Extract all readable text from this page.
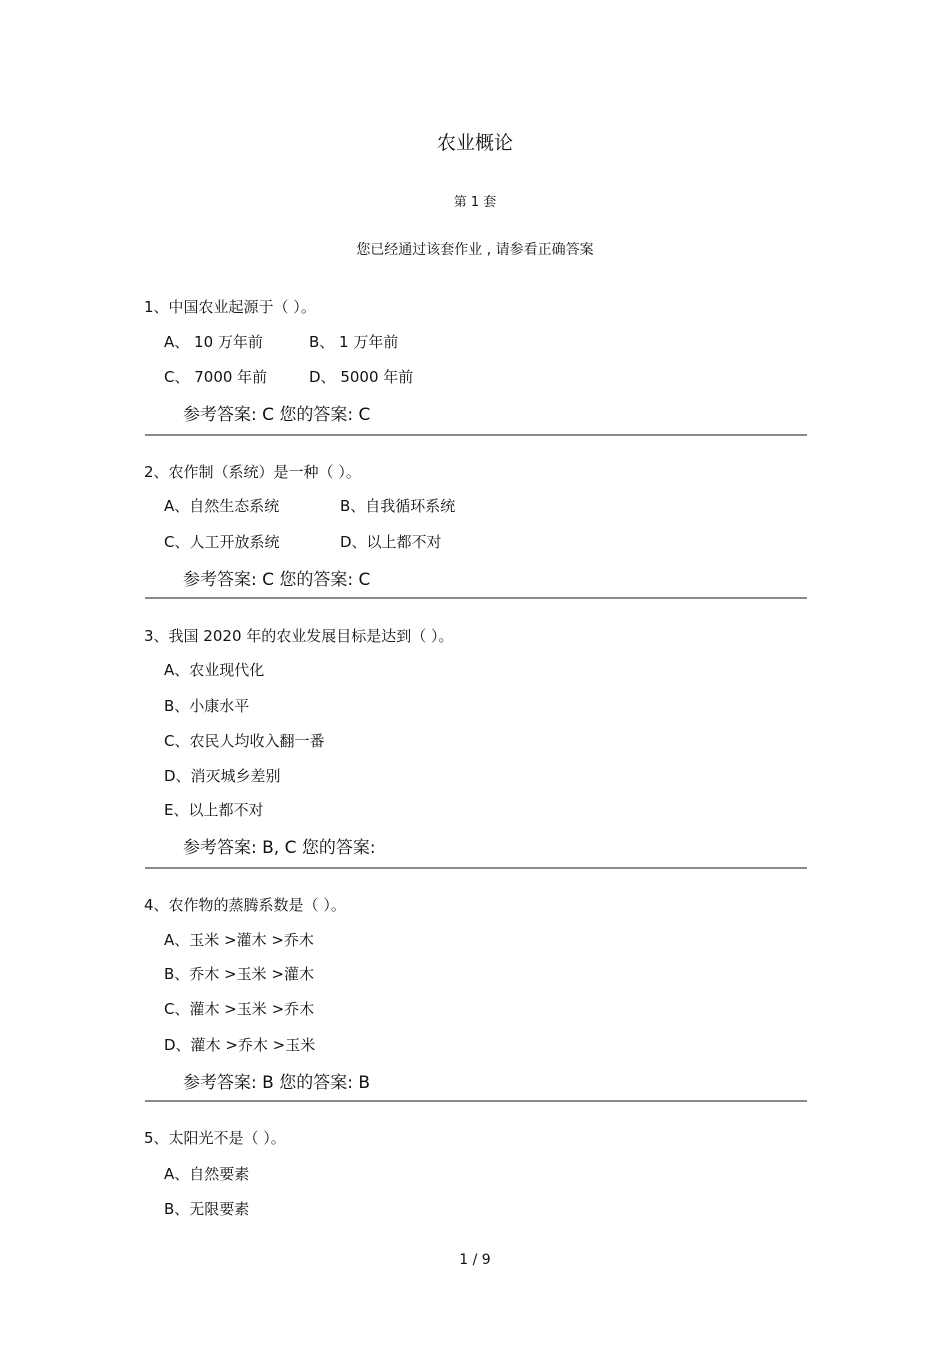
农业概论
第 1 套
您已经通过该套作业 , 请参看正确答案
1、中国农业起源于（ ）。
A、 10 万年前	B、 1 万年前
C、 7000 年前	D、 5000 年前
参考答案: C 您的答案: C
2、农作制（系统）是一种（ ）。
A、自然生态系统	B、自我循环系统
C、人工开放系统	D、以上都不对
参考答案: C 您的答案: C
3、我国 2020 年的农业发展目标是达到（ ）。
A、农业现代化
B、小康水平
C、农民人均收入翻一番
D、消灭城乡差别
E、以上都不对
参考答案: B, C 您的答案:
4、农作物的蒸腾系数是（ ）。
A、玉米 >灌木 >乔木
B、乔木 >玉米 >灌木
C、灌木 >玉米 >乔木
D、灌木 >乔木 >玉米
参考答案: B 您的答案: B
5、太阳光不是（ ）。
A、自然要素
B、无限要素
1 / 9
